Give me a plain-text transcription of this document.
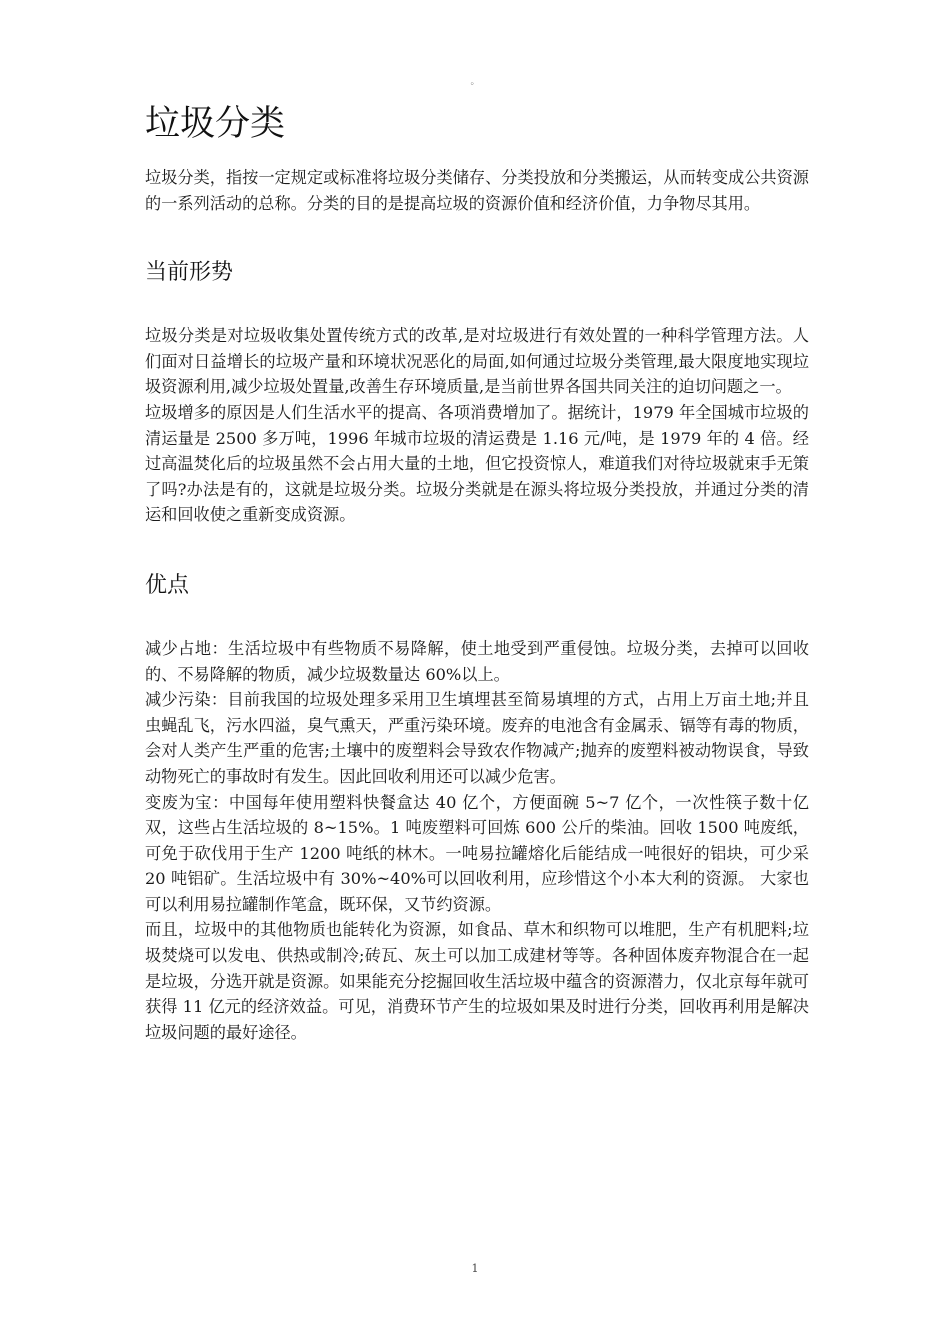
。
垃圾分类

垃圾分类，指按一定规定或标准将垃圾分类储存、分类投放和分类搬运，从而转变成公共资源的一系列活动的总称。分类的目的是提高垃圾的资源价值和经济价值，力争物尽其用。

当前形势

垃圾分类是对垃圾收集处置传统方式的改革,是对垃圾进行有效处置的一种科学管理方法。人们面对日益增长的垃圾产量和环境状况恶化的局面,如何通过垃圾分类管理,最大限度地实现垃圾资源利用,减少垃圾处置量,改善生存环境质量,是当前世界各国共同关注的迫切问题之一。

垃圾增多的原因是人们生活水平的提高、各项消费增加了。据统计，1979 年全国城市垃圾的清运量是 2500 多万吨，1996 年城市垃圾的清运费是 1.16 元/吨，是 1979 年的 4 倍。经过高温焚化后的垃圾虽然不会占用大量的土地，但它投资惊人，难道我们对待垃圾就束手无策了吗?办法是有的，这就是垃圾分类。垃圾分类就是在源头将垃圾分类投放，并通过分类的清运和回收使之重新变成资源。

优点

减少占地：生活垃圾中有些物质不易降解，使土地受到严重侵蚀。垃圾分类，去掉可以回收的、不易降解的物质，减少垃圾数量达 60%以上。

减少污染：目前我国的垃圾处理多采用卫生填埋甚至简易填埋的方式，占用上万亩土地;并且虫蝇乱飞，污水四溢，臭气熏天，严重污染环境。废弃的电池含有金属汞、镉等有毒的物质，会对人类产生严重的危害;土壤中的废塑料会导致农作物减产;抛弃的废塑料被动物误食，导致动物死亡的事故时有发生。因此回收利用还可以减少危害。

变废为宝：中国每年使用塑料快餐盒达 40 亿个，方便面碗 5~7 亿个，一次性筷子数十亿双，这些占生活垃圾的 8~15%。1 吨废塑料可回炼 600 公斤的柴油。回收 1500 吨废纸，可免于砍伐用于生产 1200 吨纸的林木。一吨易拉罐熔化后能结成一吨很好的铝块，可少采 20 吨铝矿。生活垃圾中有 30%~40%可以回收利用，应珍惜这个小本大利的资源。 大家也可以利用易拉罐制作笔盒，既环保，又节约资源。

而且，垃圾中的其他物质也能转化为资源，如食品、草木和织物可以堆肥，生产有机肥料;垃圾焚烧可以发电、供热或制冷;砖瓦、灰土可以加工成建材等等。各种固体废弃物混合在一起是垃圾，分选开就是资源。如果能充分挖掘回收生活垃圾中蕴含的资源潜力，仅北京每年就可获得 11 亿元的经济效益。可见，消费环节产生的垃圾如果及时进行分类，回收再利用是解决垃圾问题的最好途径。

1
